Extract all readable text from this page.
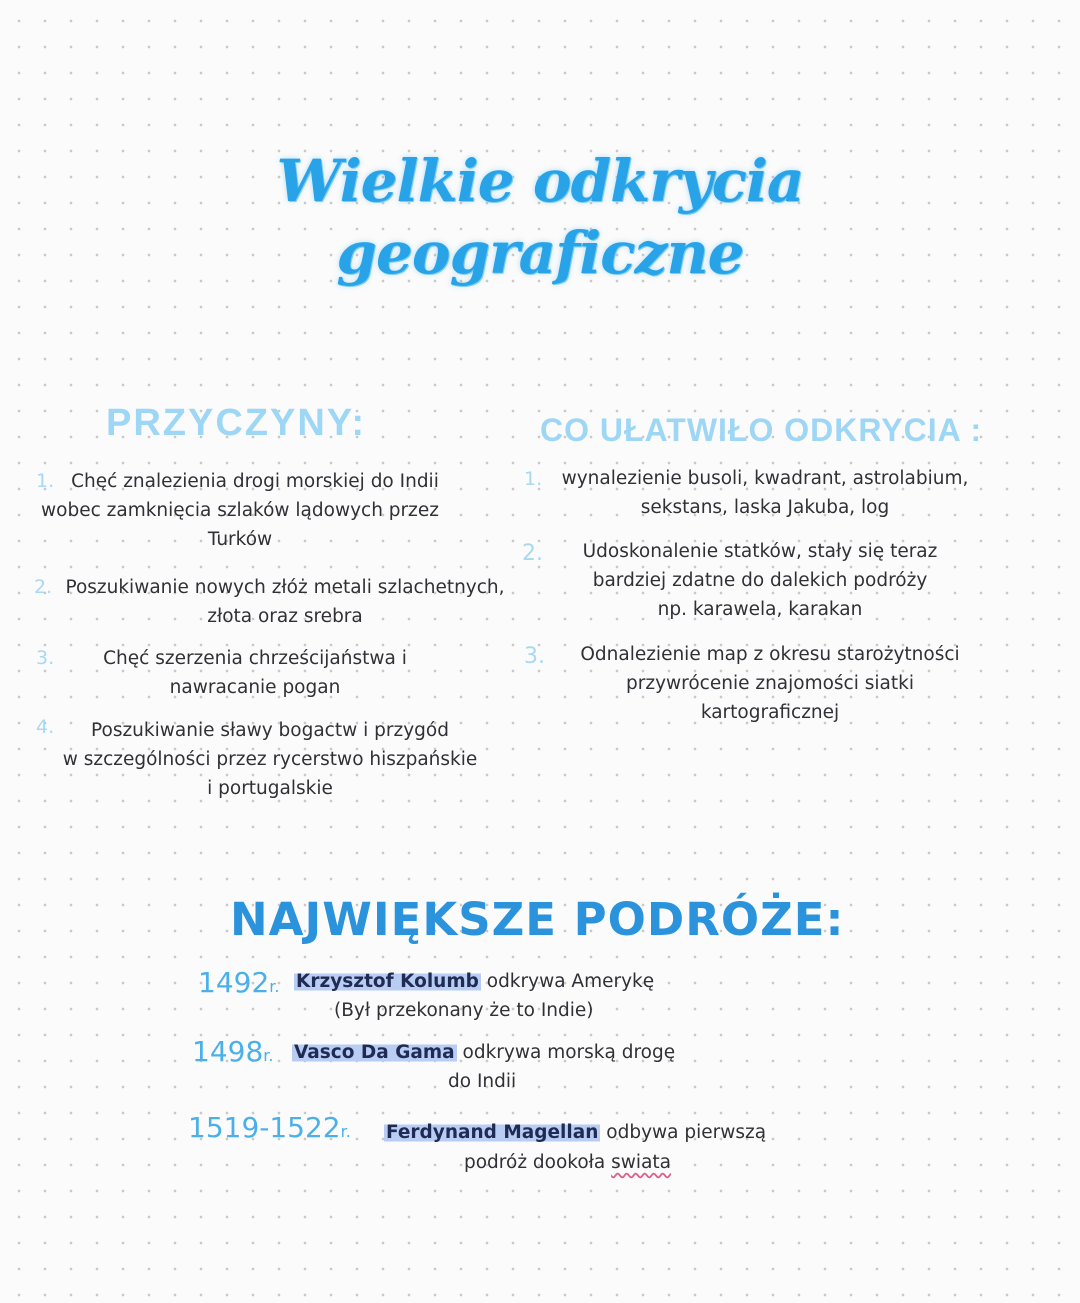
Wielkie odkrycia
geograficzne
PRZYCZYNY:
1. Chęć znalezienia drogi morskiej do Indii
wobec zamknięcia szlaków lądowych przez
Turków
2. Poszukiwanie nowych złóż metali szlachetnych,
złota oraz srebra
3.	Chęć szerzenia chrześcijaństwa i
nawracanie pogan
4.	Poszukiwanie sławy bogactw i przygód
w szczególności przez rycerstwo hiszpańskie
i portugalskie
CO UŁATWIŁO ODKRYCIA :
1.	wynalezienie busoli, kwadrant, astrolabium,
sekstans, laska Jakuba, log
2.	Udoskonalenie statków, stały się teraz
bardziej zdatne do dalekich podróży
np. karawela, karakan
3.	Odnalezienie map z okresu starożytności
przywrócenie znajomości siatki
kartograficznej
NAJWIĘKSZE PODRÓŻE:
1492r. Krzysztof Kolumb odkrywa Amerykę
(Był przekonany że to Indie)
1498r. Vasco Da Gama odkrywa morską drogę
do Indii
1519-1522r. Ferdynand Magellan odbywa pierwszą
podróż dookoła swiata
